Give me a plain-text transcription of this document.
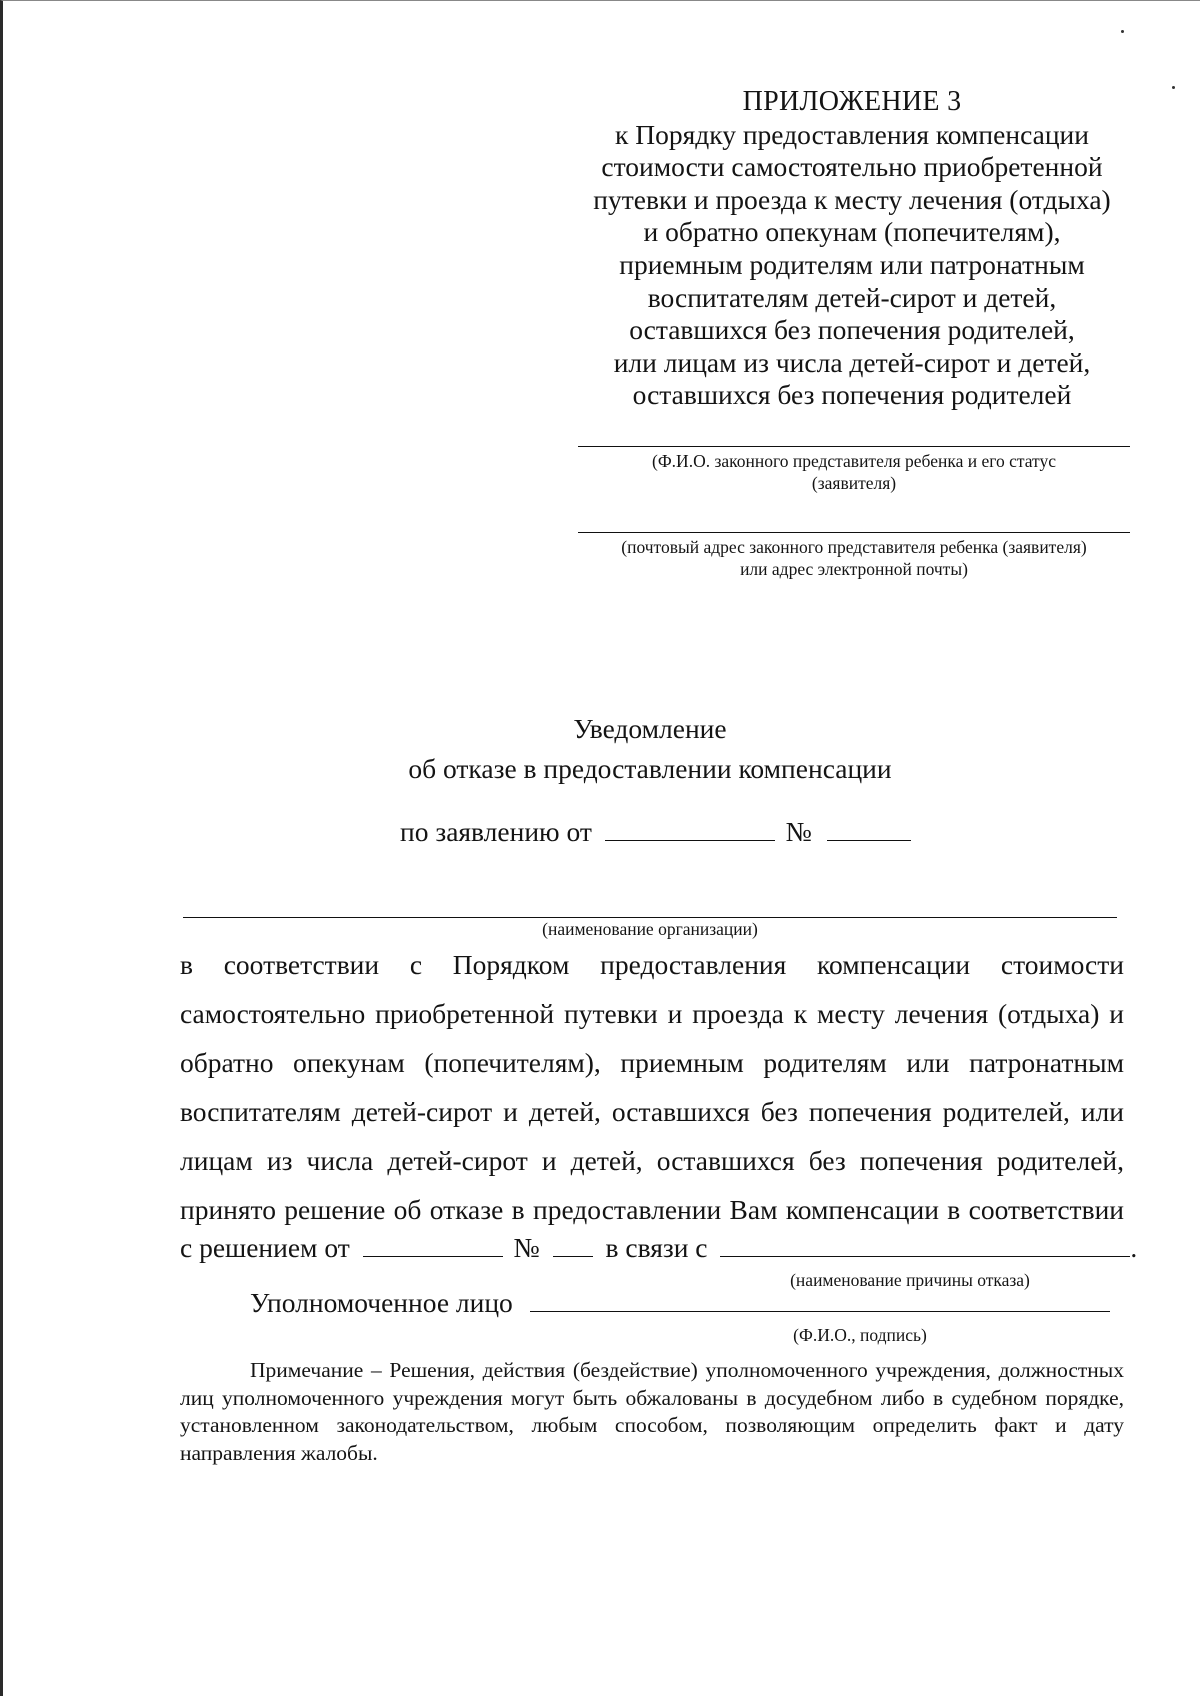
ПРИЛОЖЕНИЕ 3
к Порядку предоставления компенсации
стоимости самостоятельно приобретенной
путевки и проезда к месту лечения (отдыха)
и обратно опекунам (попечителям),
приемным родителям или патронатным
воспитателям детей-сирот и детей,
оставшихся без попечения родителей,
или лицам из числа детей-сирот и детей,
оставшихся без попечения родителей
(Ф.И.О. законного представителя ребенка и его статус
(заявителя)
(почтовый адрес законного представителя ребенка (заявителя)
или адрес электронной почты)
Уведомление
об отказе в предоставлении компенсации
по заявлению от	№
(наименование организации)

в соответствии с Порядком предоставления компенсации стоимости

самостоятельно приобретенной путевки и проезда к месту лечения (отдыха) и

обратно опекунам (попечителям), приемным родителям или патронатным

воспитателям детей-сирот и детей, оставшихся без попечения родителей, или

лицам из числа детей-сирот и детей, оставшихся без попечения родителей,

принято решение об отказе в предоставлении Вам компенсации в соответствии

с решением от	№ в связи с	.
(наименование причины отказа)
Уполномоченное лицо
(Ф.И.О., подпись)

Примечание – Решения, действия (бездействие) уполномоченного учреждения, должностных лиц уполномоченного учреждения могут быть обжалованы в досудебном либо в судебном порядке, установленном законодательством, любым способом, позволяющим определить факт и дату направления жалобы.
